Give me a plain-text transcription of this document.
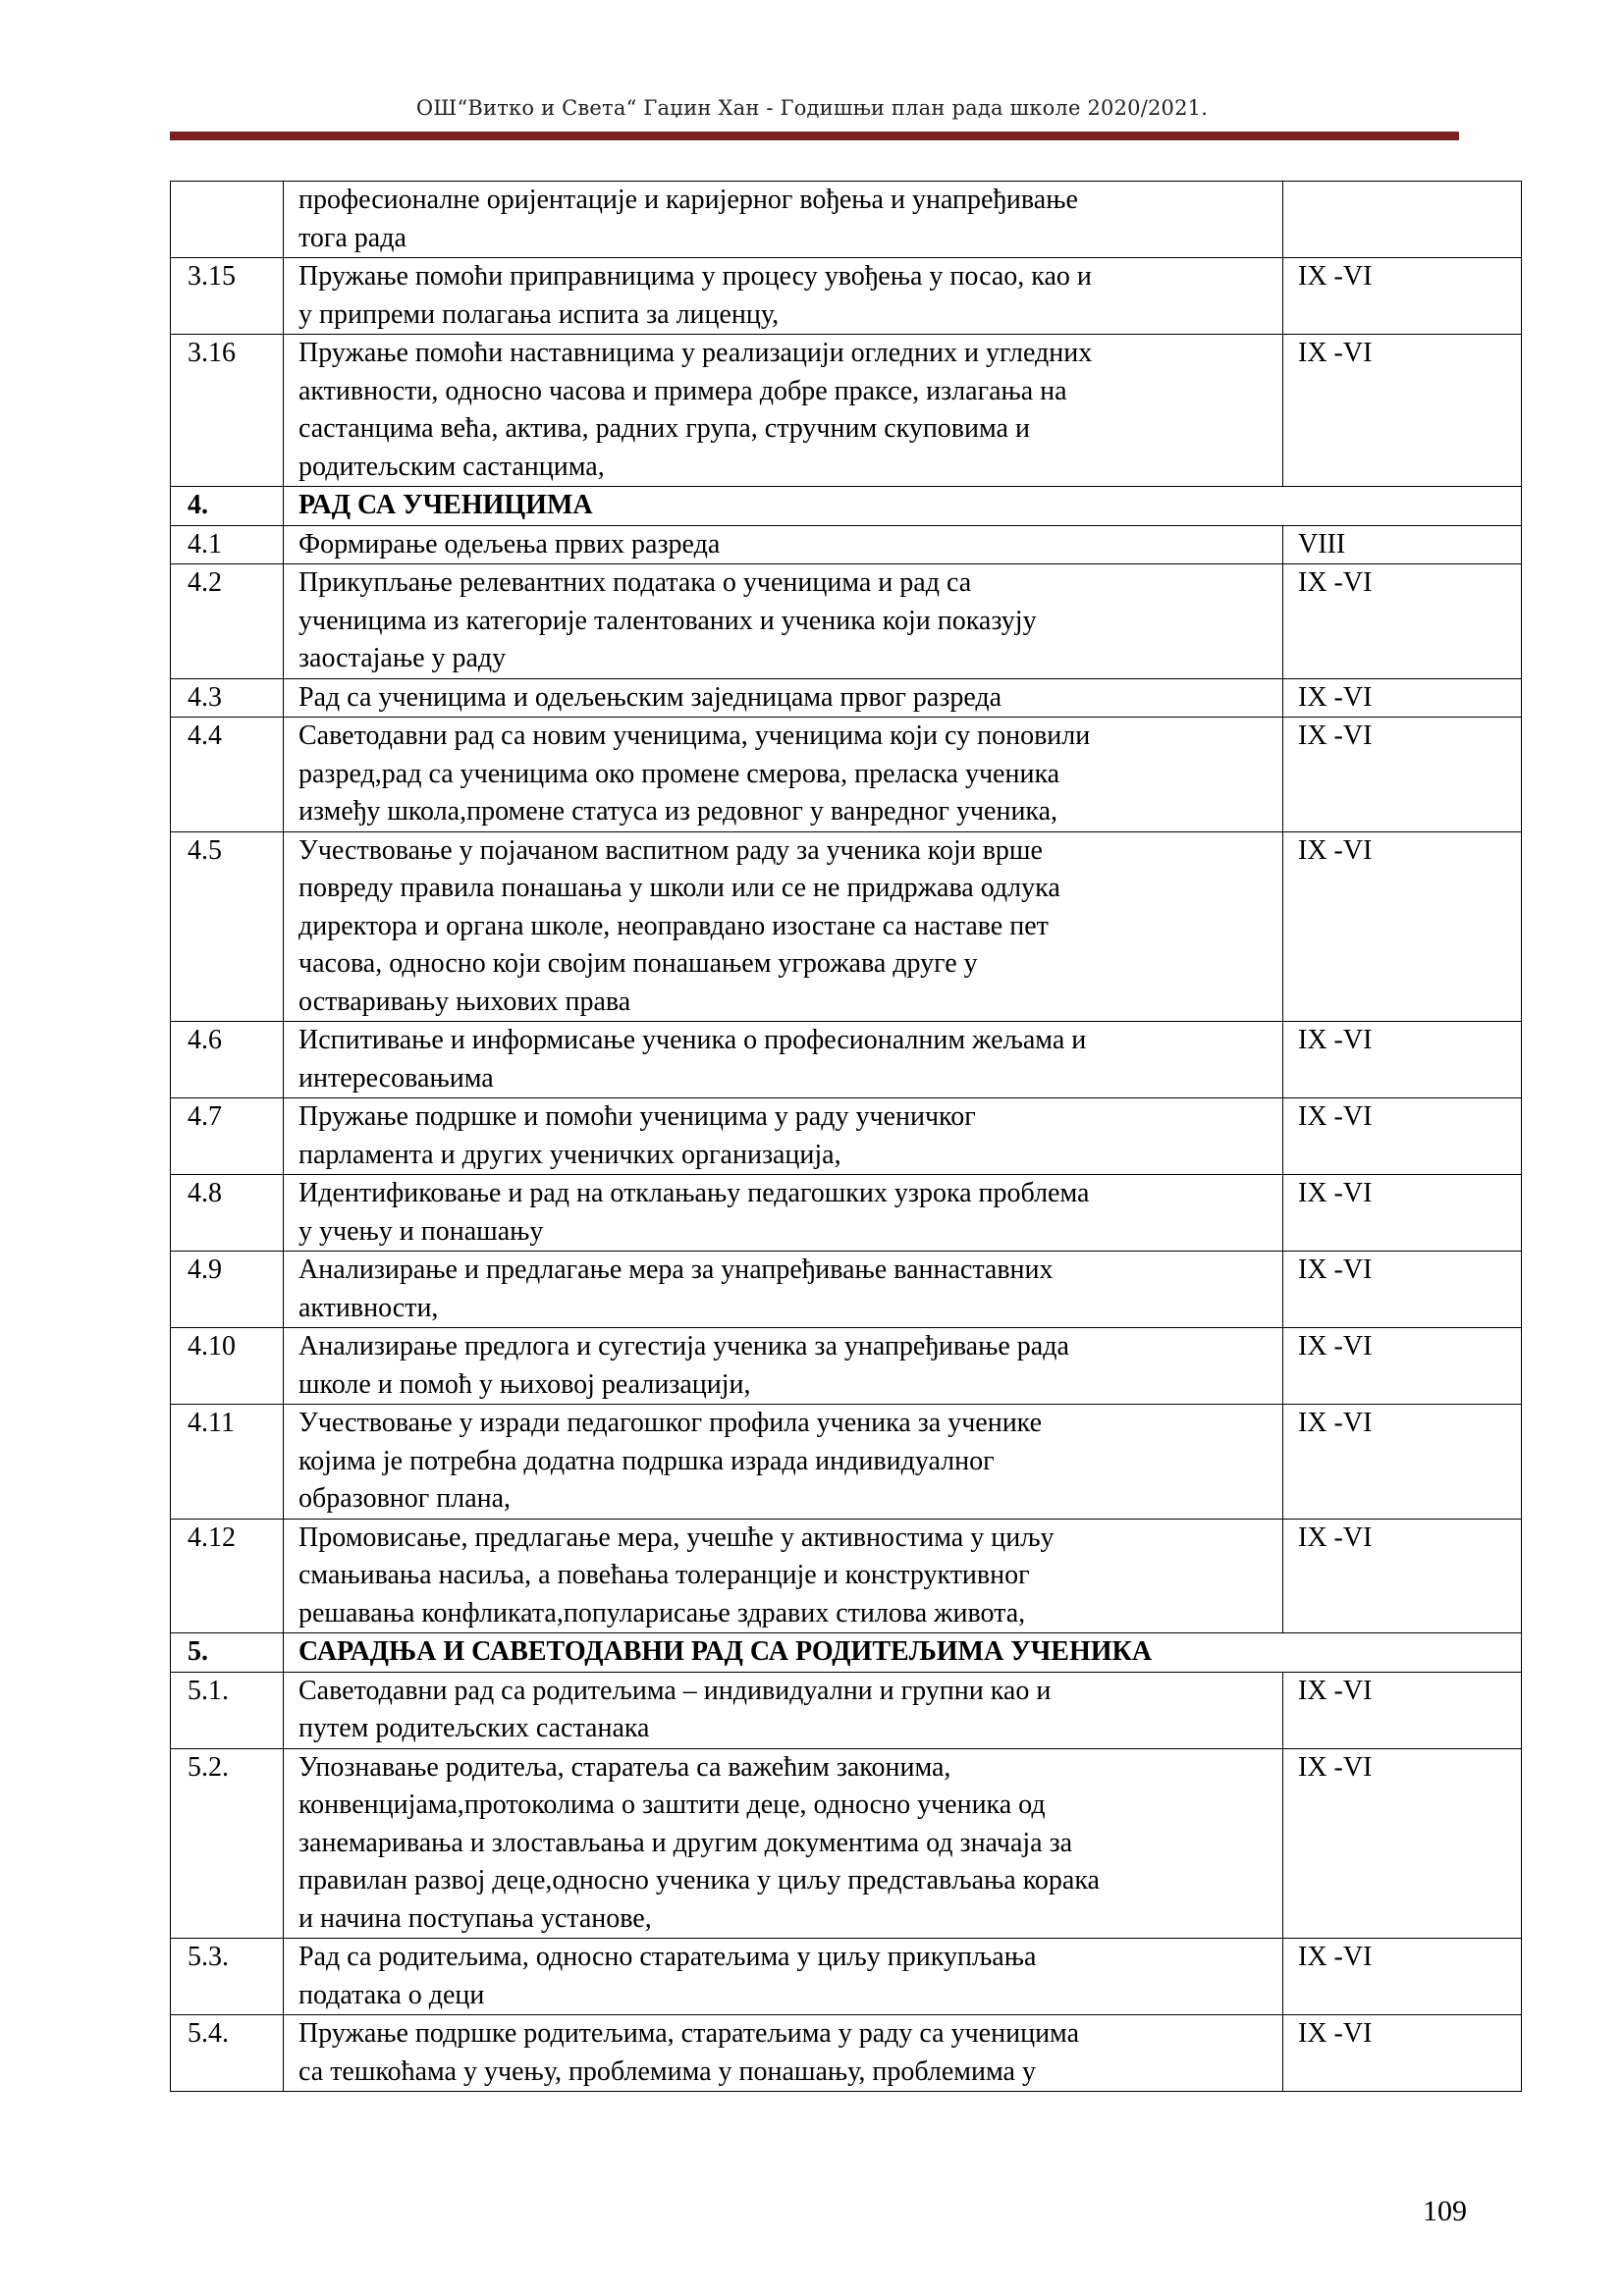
ОШ“Витко и Света“ Гаџин Хан - Годишњи план рада школе 2020/2021.

	професионалне оријентације и каријерног вођења и унапређивање
тога рада	

3.15	Пружање помоћи приправницима у процесу увођења у посао, као и
у припреми полагања испита за лиценцу,	IX -VI
3.16	Пружање помоћи наставницима у реализацији огледних и угледних
активности, односно часова и примера добре праксе, излагања на
састанцима већа, актива, радних група, стручним скуповима и
родитељским састанцима,	IX -VI
4.	РАД СА УЧЕНИЦИМА	
4.1	Формирање одељења првих разреда	VIII
4.2	Прикупљање релевантних података о ученицима и рад са
ученицима из категорије талентованих и ученика који показују
заостајање у раду	IX -VI
4.3	Рад са ученицима и одељењским заједницама првог разреда	IX -VI
4.4	Саветодавни рад са новим ученицима, ученицима који су поновили
разред,рад са ученицима око промене смерова, преласка ученика
између школа,промене статуса из редовног у ванредног ученика,	IX -VI
4.5	Учествовање у појачаном васпитном раду за ученика који врше
повреду правила понашања у школи или се не придржава одлука
директора и органа школе, неоправдано изостане са наставе пет
часова, односно који својим понашањем угрожава друге у
остваривању њихових права	IX -VI
4.6	Испитивање и информисање ученика о професионалним жељама и
интересовањима	IX -VI
4.7	Пружање подршке и помоћи ученицима у раду ученичког
парламента и других ученичких организација,	IX -VI
4.8	Идентификовање и рад на отклањању педагошких узрока проблема
у учењу и понашању	IX -VI
4.9	Анализирање и предлагање мера за унапређивање ваннаставних
активности,	IX -VI
4.10	Анализирање предлога и сугестија ученика за унапређивање рада
школе и помоћ у њиховој реализацији,	IX -VI
4.11	Учествовање у изради педагошког профила ученика за ученике
којима је потребна додатна подршка израда индивидуалног
образовног плана,	IX -VI
4.12	Промовисање, предлагање мера, учешће у активностима у циљу
смањивања насиља, а повећања толеранције и конструктивног
решавања конфликата,популарисање здравих стилова живота,	IX -VI
5.	САРАДЊА И САВЕТОДАВНИ РАД СА РОДИТЕЉИМА УЧЕНИКА	
5.1.	Саветодавни рад са родитељима – индивидуални и групни као и
путем родитељских састанака	IX -VI
5.2.	Упознавање родитеља, старатеља са важећим законима,
конвенцијама,протоколима о заштити деце, односно ученика од
занемаривања и злостављања и другим документима од значаја за
правилан развој деце,односно ученика у циљу представљања корака
и начина поступања установе,	IX -VI
5.3.	Рад са родитељима, односно старатељима у циљу прикупљања
података о деци	IX -VI
5.4.	Пружање подршке родитељима, старатељима у раду са ученицима
са тешкоћама у учењу, проблемима у понашању, проблемима у	IX -VI
109
